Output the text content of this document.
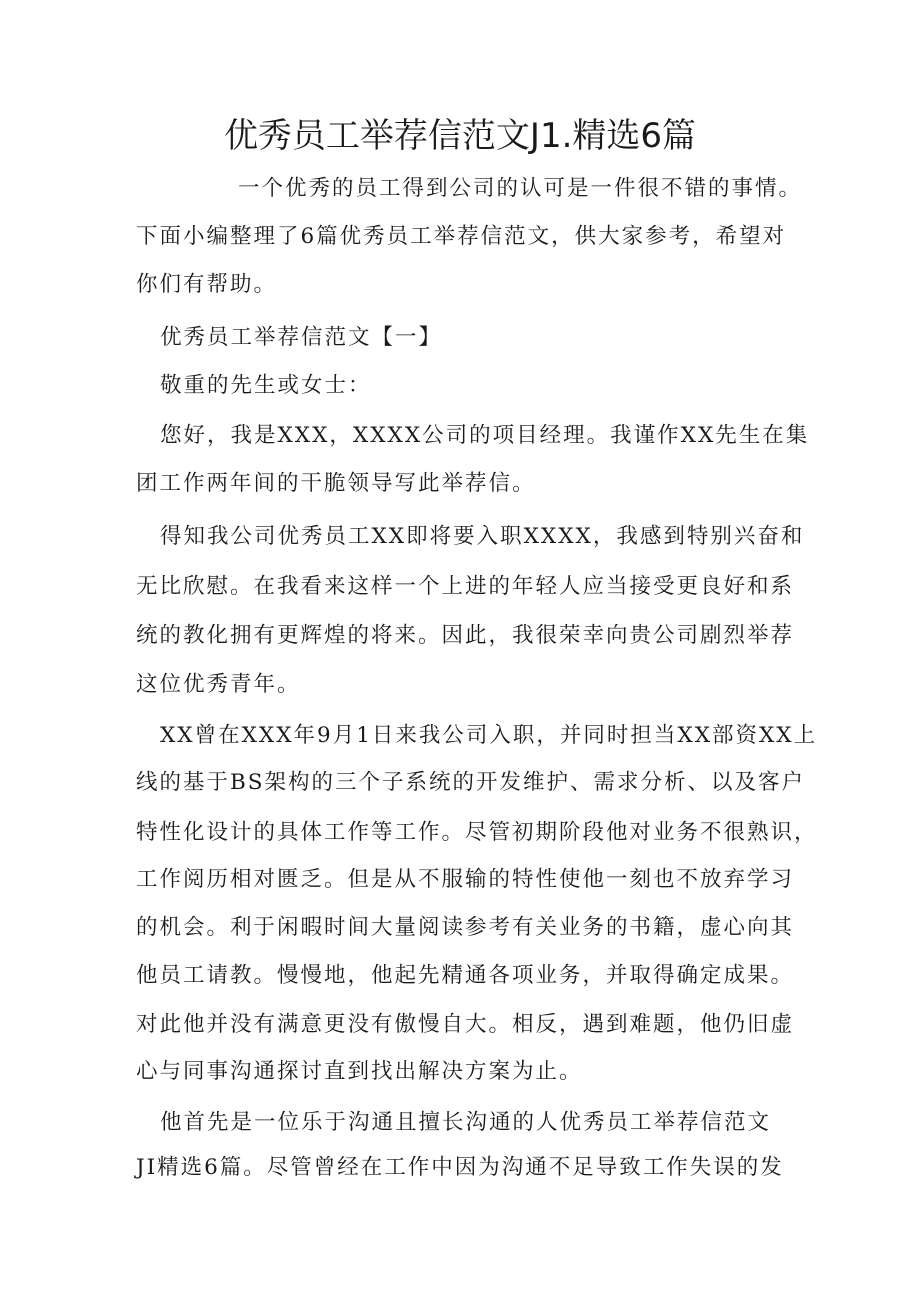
优秀员工举荐信范文J1.精选6篇
一个优秀的员工得到公司的认可是一件很不错的事情。
下面小编整理了6篇优秀员工举荐信范文，供大家参考，希望对
你们有帮助。
优秀员工举荐信范文【一】
敬重的先生或女士：
您好，我是XXX，XXXX公司的项目经理。我谨作XX先生在集
团工作两年间的干脆领导写此举荐信。
得知我公司优秀员工XX即将要入职XXXX，我感到特别兴奋和
无比欣慰。在我看来这样一个上进的年轻人应当接受更良好和系
统的教化拥有更辉煌的将来。因此，我很荣幸向贵公司剧烈举荐
这位优秀青年。
XX曾在XXX年9月1日来我公司入职，并同时担当XX部资XX上
线的基于BS架构的三个子系统的开发维护、需求分析、以及客户
特性化设计的具体工作等工作。尽管初期阶段他对业务不很熟识，
工作阅历相对匮乏。但是从不服输的特性使他一刻也不放弃学习
的机会。利于闲暇时间大量阅读参考有关业务的书籍，虚心向其
他员工请教。慢慢地，他起先精通各项业务，并取得确定成果。
对此他并没有满意更没有傲慢自大。相反，遇到难题，他仍旧虚
心与同事沟通探讨直到找出解决方案为止。
他首先是一位乐于沟通且擅长沟通的人优秀员工举荐信范文
JI精选6篇。尽管曾经在工作中因为沟通不足导致工作失误的发
